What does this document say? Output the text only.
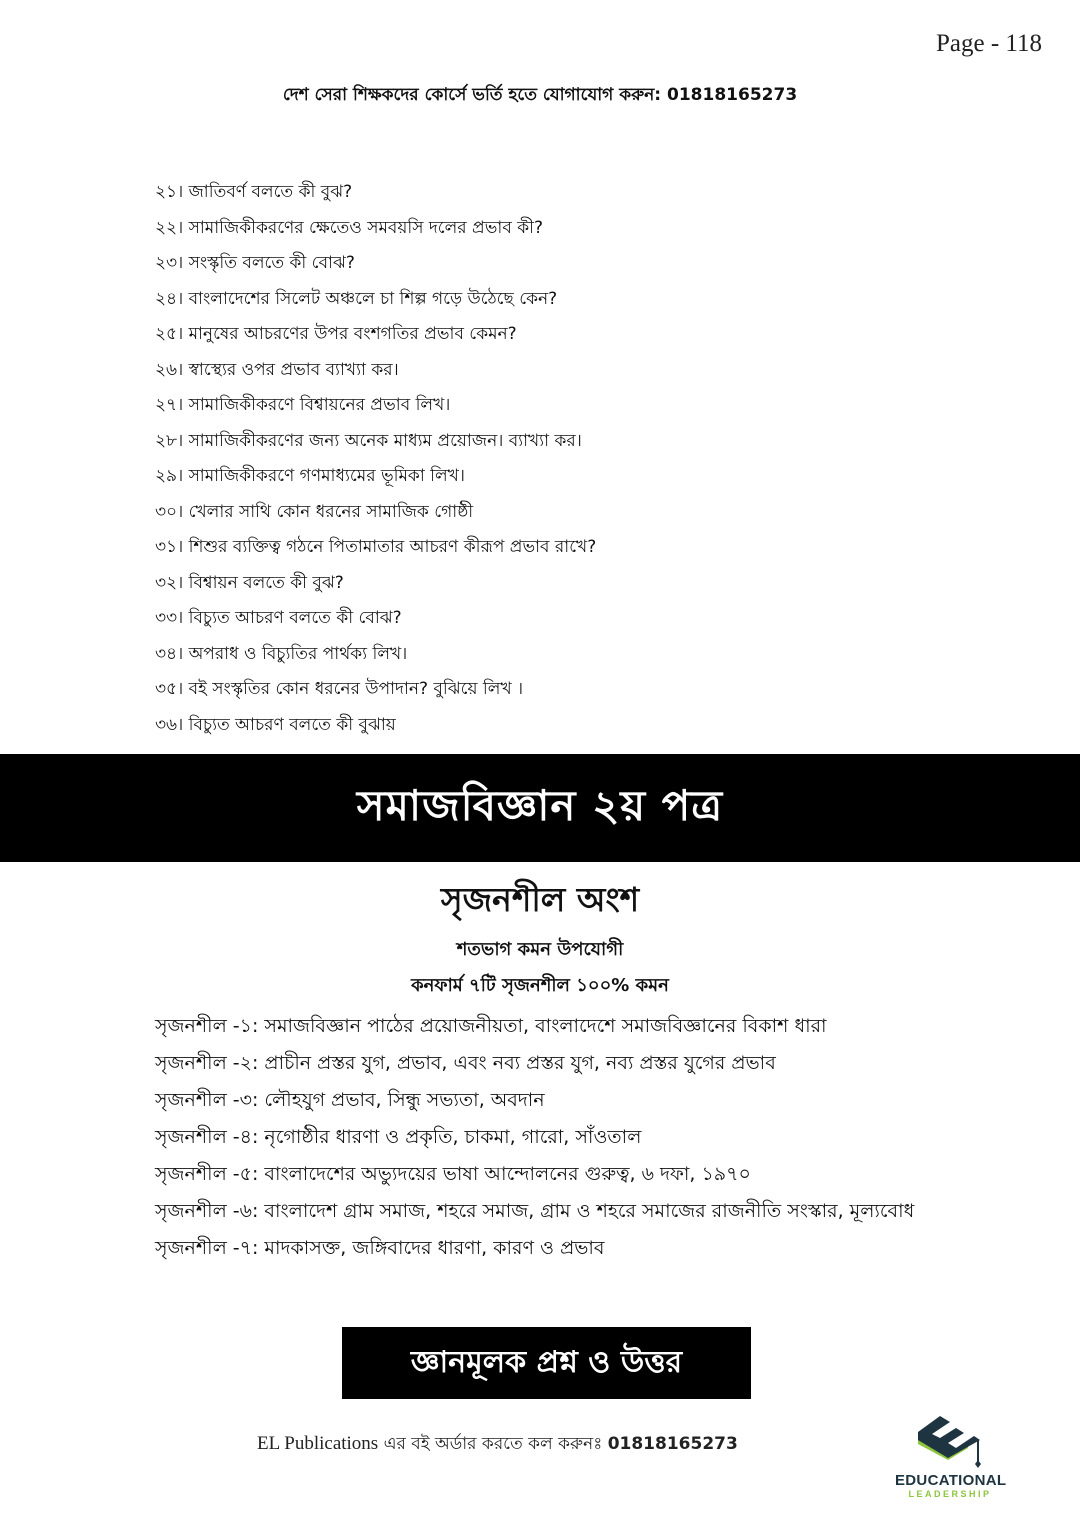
Page - 118
দেশ সেরা শিক্ষকদের কোর্সে ভর্তি হতে যোগাযোগ করুন: 01818165273
২১। জাতিবর্ণ বলতে কী বুঝ?
২২। সামাজিকীকরণের ক্ষেতেও সমবয়সি দলের প্রভাব কী?
২৩। সংস্কৃতি বলতে কী বোঝ?
২৪। বাংলাদেশের সিলেট অঞ্চলে চা শিল্প গড়ে উঠেছে কেন?
২৫। মানুষের আচরণের উপর বংশগতির প্রভাব কেমন?
২৬। স্বাস্থ্যের ওপর প্রভাব ব্যাখ্যা কর।
২৭। সামাজিকীকরণে বিশ্বায়নের প্রভাব লিখ।
২৮। সামাজিকীকরণের জন্য অনেক মাধ্যম প্রয়োজন। ব্যাখ্যা কর।
২৯। সামাজিকীকরণে গণমাধ্যমের ভূমিকা লিখ।
৩০। খেলার সাথি কোন ধরনের সামাজিক গোষ্ঠী
৩১। শিশুর ব্যক্তিত্ব গঠনে পিতামাতার আচরণ কীরূপ প্রভাব রাখে?
৩২। বিশ্বায়ন বলতে কী বুঝ?
৩৩। বিচ্যুত আচরণ বলতে কী বোঝ?
৩৪। অপরাধ ও বিচ্যুতির পার্থক্য লিখ।
৩৫। বই সংস্কৃতির কোন ধরনের উপাদান? বুঝিয়ে লিখ ।
৩৬। বিচ্যুত আচরণ বলতে কী বুঝায়
সমাজবিজ্ঞান ২য় পত্র
সৃজনশীল অংশ
শতভাগ কমন উপযোগী
কনফার্ম ৭টি সৃজনশীল ১০০% কমন
সৃজনশীল -১: সমাজবিজ্ঞান পাঠের প্রয়োজনীয়তা, বাংলাদেশে সমাজবিজ্ঞানের বিকাশ ধারা
সৃজনশীল -২: প্রাচীন প্রস্তর যুগ, প্রভাব, এবং নব্য প্রস্তর যুগ, নব্য প্রস্তর যুগের প্রভাব
সৃজনশীল -৩: লৌহযুগ প্রভাব, সিন্ধু সভ্যতা, অবদান
সৃজনশীল -৪: নৃগোষ্ঠীর ধারণা ও প্রকৃতি, চাকমা, গারো, সাঁওতাল
সৃজনশীল -৫: বাংলাদেশের অভ্যুদয়ের ভাষা আন্দোলনের গুরুত্ব, ৬ দফা, ১৯৭০
সৃজনশীল -৬: বাংলাদেশ গ্রাম সমাজ, শহরে সমাজ, গ্রাম ও শহরে সমাজের রাজনীতি সংস্কার, মূল্যবোধ
সৃজনশীল -৭: মাদকাসক্ত, জঙ্গিবাদের ধারণা, কারণ ও প্রভাব
জ্ঞানমূলক প্রশ্ন ও উত্তর
EL Publications এর বই অর্ডার করতে কল করুনঃ 01818165273
EDUCATIONAL
LEADERSHIP
